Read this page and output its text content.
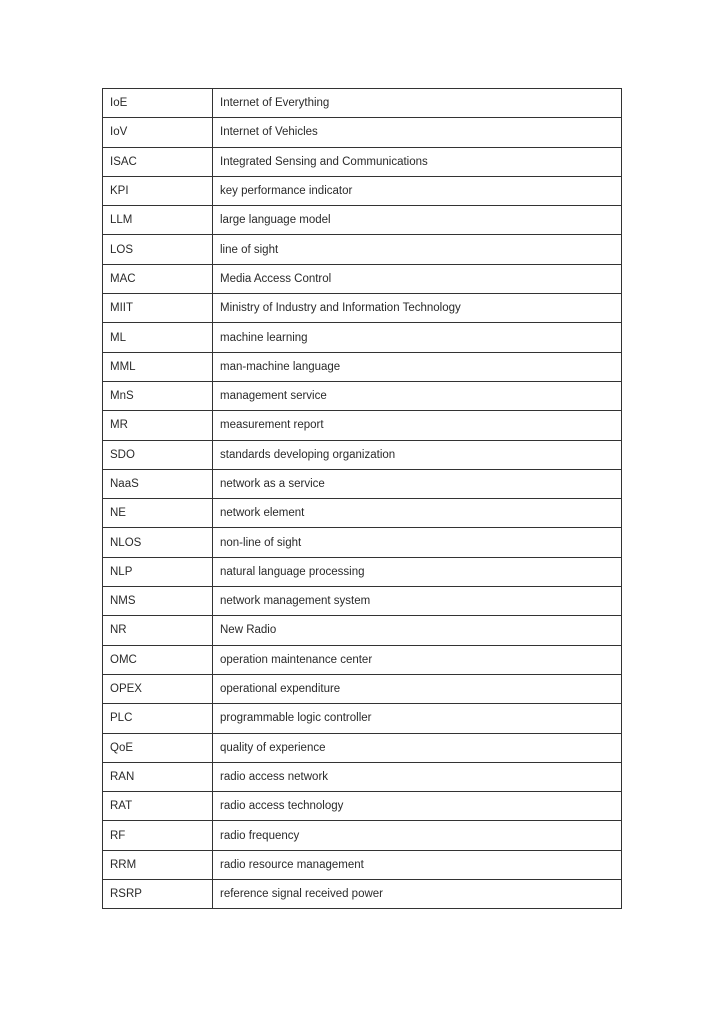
IoE	Internet of Everything
IoV	Internet of Vehicles
ISAC	Integrated Sensing and Communications
KPI	key performance indicator
LLM	large language model
LOS	line of sight
MAC	Media Access Control
MIIT	Ministry of Industry and Information Technology
ML	machine learning
MML	man-machine language
MnS	management service
MR	measurement report
SDO	standards developing organization
NaaS	network as a service
NE	network element
NLOS	non-line of sight
NLP	natural language processing
NMS	network management system
NR	New Radio
OMC	operation maintenance center
OPEX	operational expenditure
PLC	programmable logic controller
QoE	quality of experience
RAN	radio access network
RAT	radio access technology
RF	radio frequency
RRM	radio resource management
RSRP	reference signal received power
